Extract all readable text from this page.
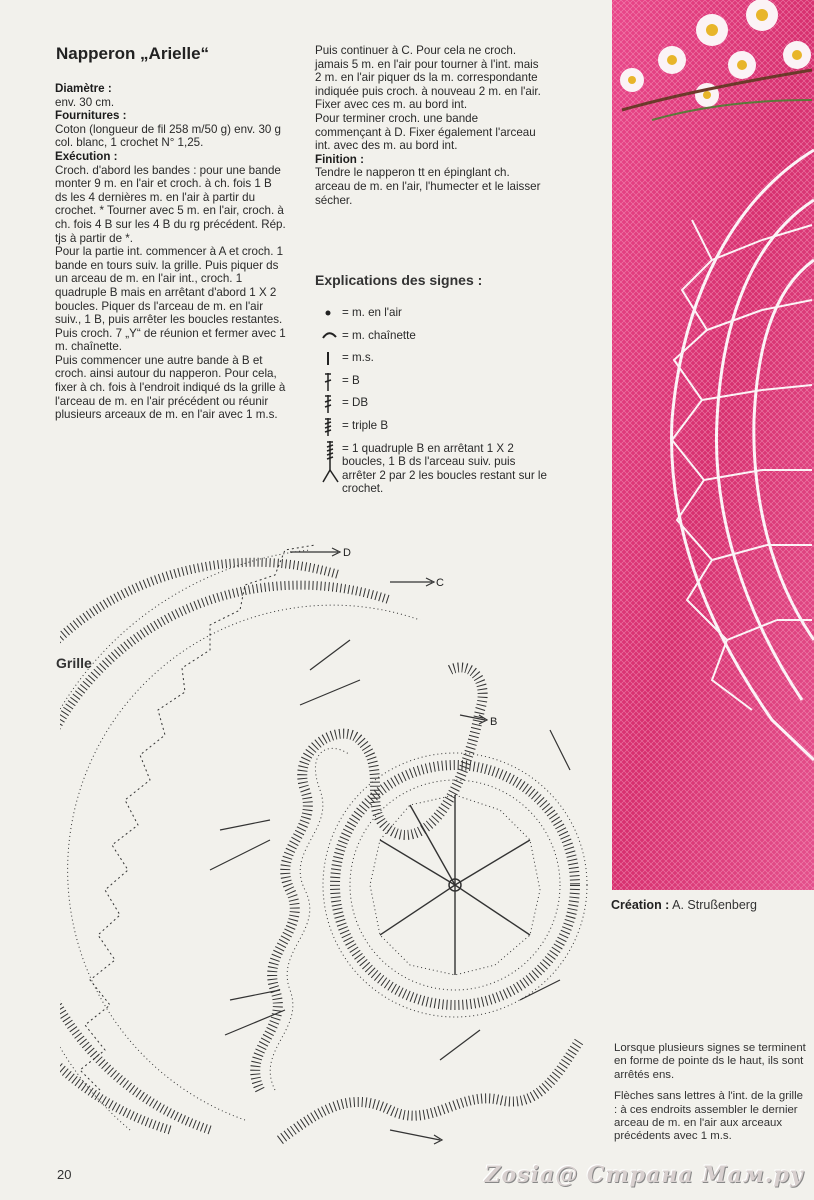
Napperon „Arielle“

Diamètre :

env. 30 cm.

Fournitures :

Coton (longueur de fil 258 m/50 g) env. 30 g col. blanc, 1 crochet N° 1,25.

Exécution :

Croch. d'abord les bandes : pour une bande monter 9 m. en l'air et croch. à ch. fois 1 B ds les 4 dernières m. en l'air à partir du crochet. * Tourner avec 5 m. en l'air, croch. à ch. fois 4 B sur les 4 B du rg précédent. Rép. tjs à partir de *.

Pour la partie int. commencer à A et croch. 1 bande en tours suiv. la grille. Puis piquer ds un arceau de m. en l'air int., croch. 1 quadruple B mais en arrêtant d'abord 1 X 2 boucles. Piquer ds l'arceau de m. en l'air suiv., 1 B, puis arrêter les boucles restantes. Puis croch. 7 „Y“ de réunion et fermer avec 1 m. chaînette.

Puis commencer une autre bande à B et croch. ainsi autour du napperon. Pour cela, fixer à ch. fois à l'endroit indiqué ds la grille à l'arceau de m. en l'air précédent ou réunir plusieurs arceaux de m. en l'air avec 1 m.s.

Puis continuer à C. Pour cela ne croch. jamais 5 m. en l'air pour tourner à l'int. mais 2 m. en l'air piquer ds la m. correspondante indiquée puis croch. à nouveau 2 m. en l'air. Fixer avec ces m. au bord int.

Pour terminer croch. une bande commençant à D. Fixer également l'arceau int. avec des m. au bord int.

Finition :

Tendre le napperon tt en épinglant ch. arceau de m. en l'air, l'humecter et le laisser sécher.

Explications des signes :
= m. en l'air
= m. chaînette
= m.s.
= B
= DB
= triple B
= 1 quadruple B en arrêtant 1 X 2 boucles, 1 B ds l'arceau suiv. puis arrêter 2 par 2 les boucles restant sur le crochet.
Grille
D
C
B
Création : A. Strußenberg

Lorsque plusieurs signes se terminent en forme de pointe ds le haut, ils sont arrêtés ens.

Flèches sans lettres à l'int. de la grille : à ces endroits assembler le dernier arceau de m. en l'air aux arceaux précédents avec 1 m.s.

20	Zosia@ Страна Мам.ру
